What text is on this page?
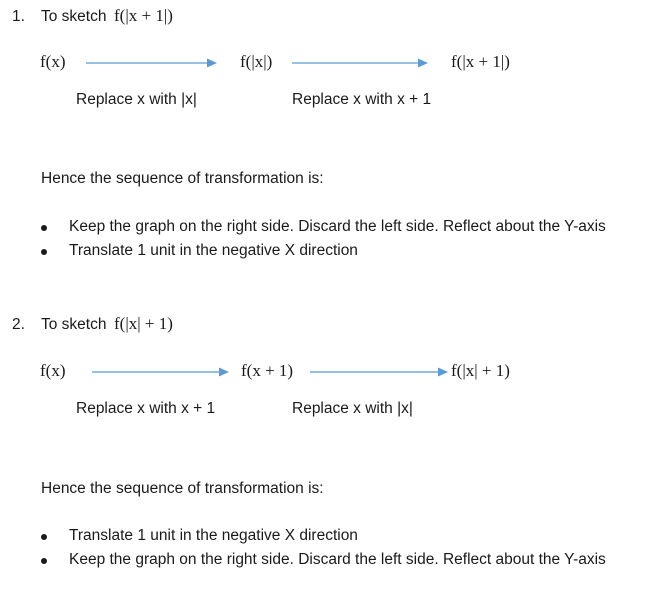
1. To sketch f(|x + 1|)
f(x)	f(|x|)	f(|x + 1|)
Replace x with |x|	Replace x with x + 1
Hence the sequence of transformation is:
Keep the graph on the right side. Discard the left side. Reflect about the Y-axis
Translate 1 unit in the negative X direction
2. To sketch f(|x| + 1)
f(x)	f(x + 1)	f(|x| + 1)
Replace x with x + 1	Replace x with |x|
Hence the sequence of transformation is:
Translate 1 unit in the negative X direction
Keep the graph on the right side. Discard the left side. Reflect about the Y-axis
